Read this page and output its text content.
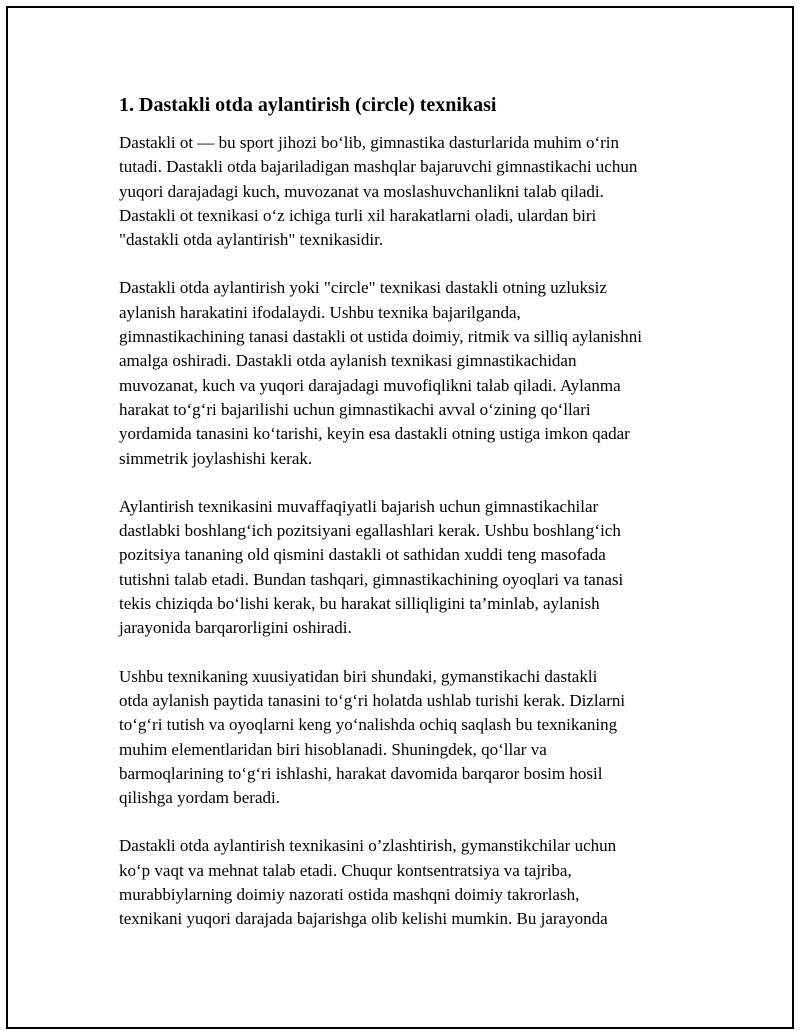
1. Dastakli otda aylantirish (circle) texnikasi

Dastakli ot — bu sport jihozi bo‘lib, gimnastika dasturlarida muhim o‘rin
tutadi. Dastakli otda bajariladigan mashqlar bajaruvchi gimnastikachi uchun
yuqori darajadagi kuch, muvozanat va moslashuvchanlikni talab qiladi.
Dastakli ot texnikasi o‘z ichiga turli xil harakatlarni oladi, ulardan biri
"dastakli otda aylantirish" texnikasidir.

Dastakli otda aylantirish yoki "circle" texnikasi dastakli otning uzluksiz
aylanish harakatini ifodalaydi. Ushbu texnika bajarilganda,
gimnastikachining tanasi dastakli ot ustida doimiy, ritmik va silliq aylanishni
amalga oshiradi. Dastakli otda aylanish texnikasi gimnastikachidan
muvozanat, kuch va yuqori darajadagi muvofiqlikni talab qiladi. Aylanma
harakat to‘g‘ri bajarilishi uchun gimnastikachi avval o‘zining qo‘llari
yordamida tanasini ko‘tarishi, keyin esa dastakli otning ustiga imkon qadar
simmetrik joylashishi kerak.

Aylantirish texnikasini muvaffaqiyatli bajarish uchun gimnastikachilar
dastlabki boshlang‘ich pozitsiyani egallashlari kerak. Ushbu boshlang‘ich
pozitsiya tananing old qismini dastakli ot sathidan xuddi teng masofada
tutishni talab etadi. Bundan tashqari, gimnastikachining oyoqlari va tanasi
tekis chiziqda bo‘lishi kerak, bu harakat silliqligini ta’minlab, aylanish
jarayonida barqarorligini oshiradi.

Ushbu texnikaning xuusiyatidan biri shundaki, gymanstikachi dastakli
otda aylanish paytida tanasini to‘g‘ri holatda ushlab turishi kerak. Dizlarni
to‘g‘ri tutish va oyoqlarni keng yo‘nalishda ochiq saqlash bu texnikaning
muhim elementlaridan biri hisoblanadi. Shuningdek, qo‘llar va
barmoqlarining to‘g‘ri ishlashi, harakat davomida barqaror bosim hosil
qilishga yordam beradi.

Dastakli otda aylantirish texnikasini o’zlashtirish, gymanstikchilar uchun
ko‘p vaqt va mehnat talab etadi. Chuqur kontsentratsiya va tajriba,
murabbiylarning doimiy nazorati ostida mashqni doimiy takrorlash,
texnikani yuqori darajada bajarishga olib kelishi mumkin. Bu jarayonda
